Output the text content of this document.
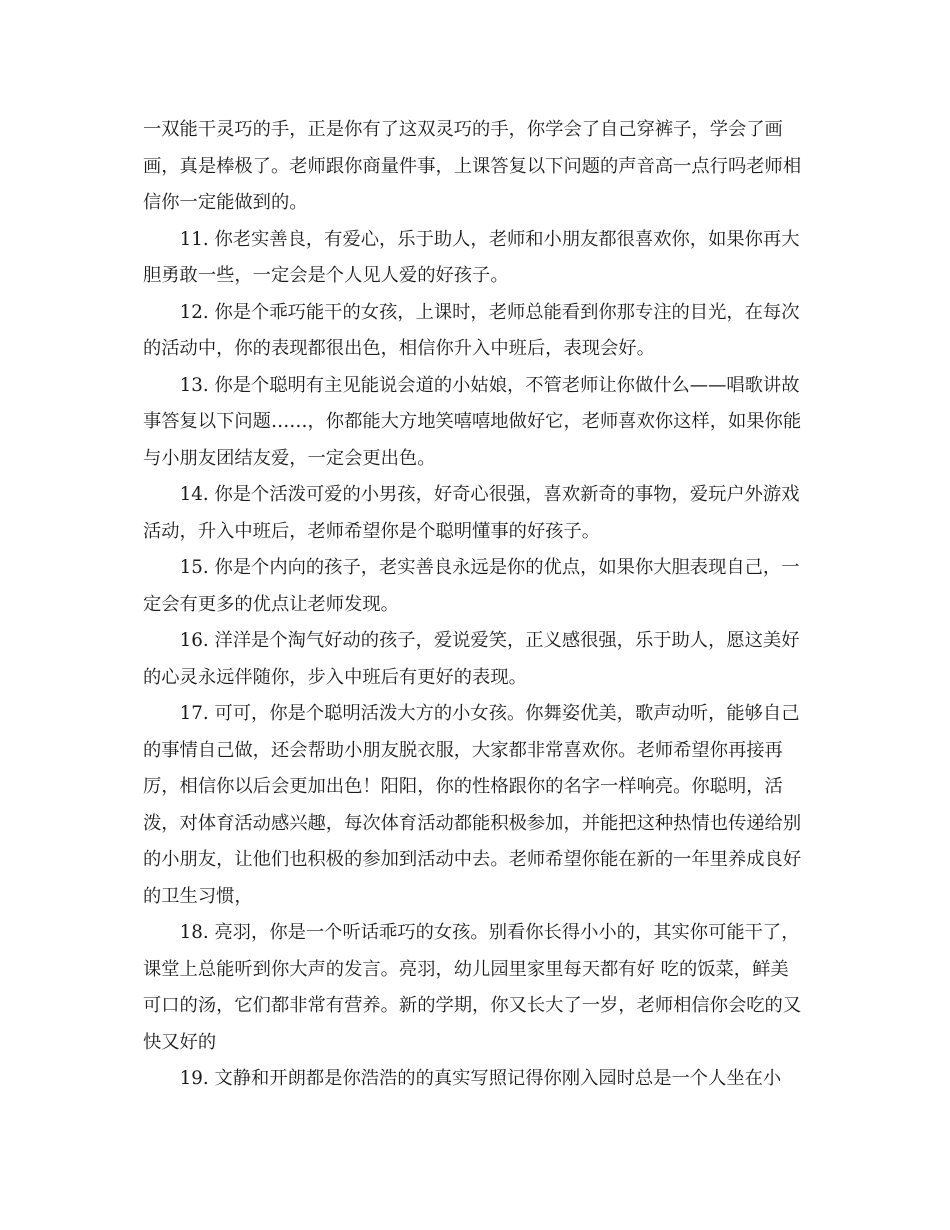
一双能干灵巧的手，正是你有了这双灵巧的手，你学会了自己穿裤子，学会了画画，真是棒极了。老师跟你商量件事，上课答复以下问题的声音高一点行吗老师相信你一定能做到的。

11. 你老实善良，有爱心，乐于助人，老师和小朋友都很喜欢你，如果你再大胆勇敢一些，一定会是个人见人爱的好孩子。

12. 你是个乖巧能干的女孩，上课时，老师总能看到你那专注的目光，在每次的活动中，你的表现都很出色，相信你升入中班后，表现会好。

13. 你是个聪明有主见能说会道的小姑娘，不管老师让你做什么——唱歌讲故事答复以下问题……，你都能大方地笑嘻嘻地做好它，老师喜欢你这样，如果你能与小朋友团结友爱，一定会更出色。

14. 你是个活泼可爱的小男孩，好奇心很强，喜欢新奇的事物，爱玩户外游戏活动，升入中班后，老师希望你是个聪明懂事的好孩子。

15. 你是个内向的孩子，老实善良永远是你的优点，如果你大胆表现自己，一定会有更多的优点让老师发现。

16. 洋洋是个淘气好动的孩子，爱说爱笑，正义感很强，乐于助人，愿这美好的心灵永远伴随你，步入中班后有更好的表现。

17. 可可，你是个聪明活泼大方的小女孩。你舞姿优美，歌声动听，能够自己的事情自己做，还会帮助小朋友脱衣服，大家都非常喜欢你。老师希望你再接再厉，相信你以后会更加出色！阳阳，你的性格跟你的名字一样响亮。你聪明，活泼，对体育活动感兴趣，每次体育活动都能积极参加，并能把这种热情也传递给别的小朋友，让他们也积极的参加到活动中去。老师希望你能在新的一年里养成良好的卫生习惯，

18. 亮羽，你是一个听话乖巧的女孩。别看你长得小小的，其实你可能干了，课堂上总能听到你大声的发言。亮羽，幼儿园里家里每天都有好 吃的饭菜，鲜美可口的汤，它们都非常有营养。新的学期，你又长大了一岁，老师相信你会吃的又快又好的

19. 文静和开朗都是你浩浩的的真实写照记得你刚入园时总是一个人坐在小
